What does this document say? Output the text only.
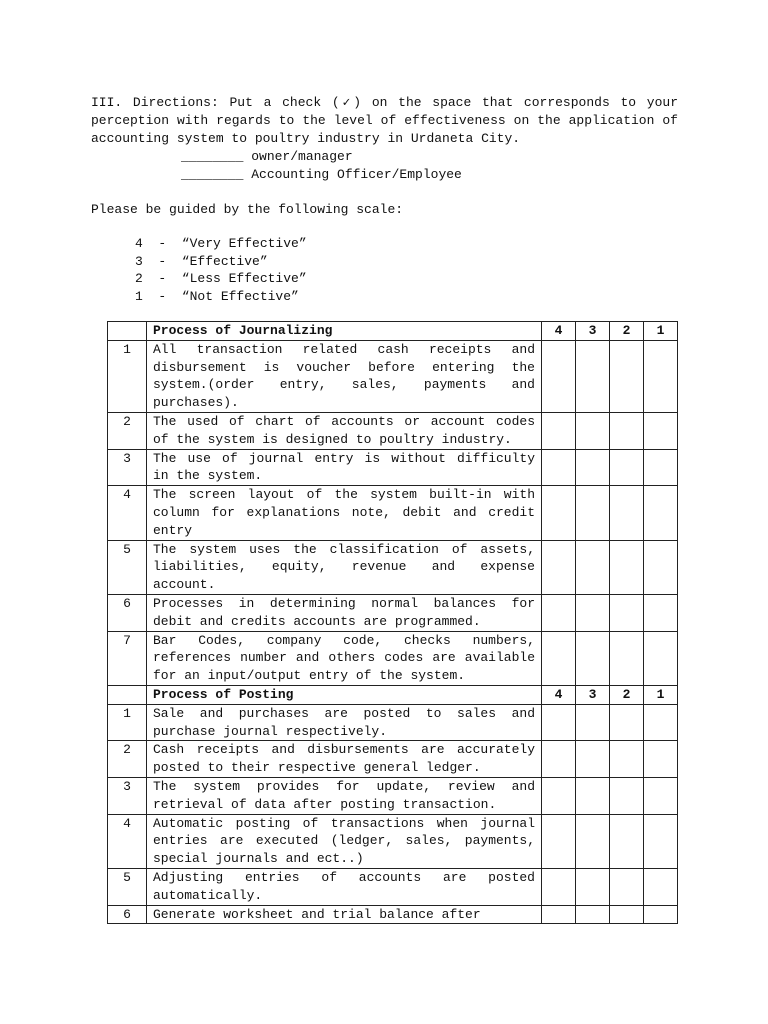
III. Directions: Put a check (✓) on the space that corresponds to your perception with regards to the level of effectiveness on the application of accounting system to poultry industry in Urdaneta City.

________ owner/manager
________ Accounting Officer/Employee
Please be guided by the following scale:
4  -  “Very Effective”
3  -  “Effective”
2  -  “Less Effective”
1  -  “Not Effective”
	Process of Journalizing	4	3	2	1
1	All transaction related cash receipts and disbursement is voucher before entering the system.(order entry, sales, payments and purchases).				
2	The used of chart of accounts or account codes of the system is designed to poultry industry.				
3	The use of journal entry is without difficulty in the system.				
4	The screen layout of the system built-in with column for explanations note, debit and credit entry				
5	The system uses the classification of assets, liabilities, equity, revenue and expense account.				
6	Processes in determining normal balances for debit and credits accounts are programmed.				
7	Bar Codes, company code, checks numbers, references number and others codes are available for an input/output entry of the system.				
	Process of Posting	4	3	2	1
1	Sale and purchases are posted to sales and purchase journal respectively.				
2	Cash receipts and disbursements are accurately posted to their respective general ledger.				
3	The system provides for update, review and retrieval of data after posting transaction.				
4	Automatic posting of transactions when journal entries are executed (ledger, sales, payments, special journals and ect..)				
5	Adjusting entries of accounts are posted automatically.				
6	Generate worksheet and trial balance after				
